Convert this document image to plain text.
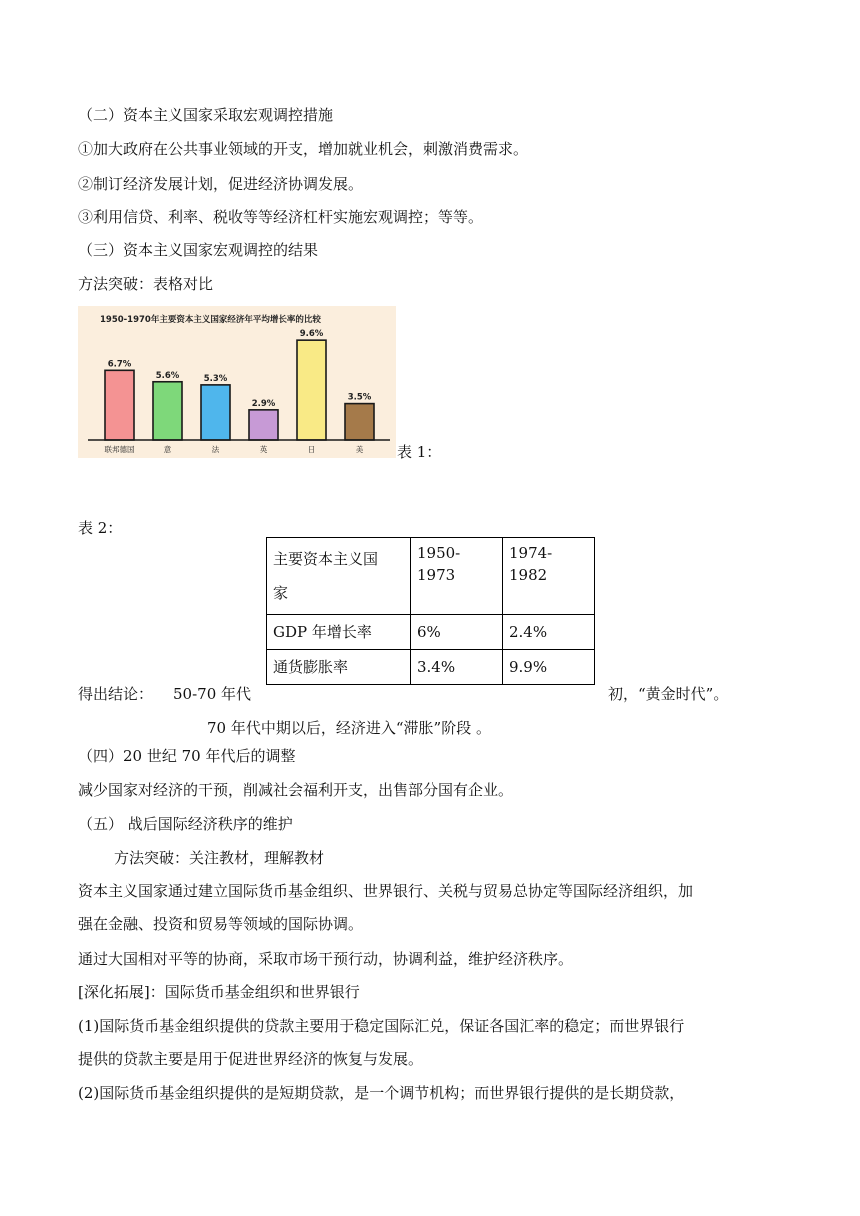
（二）资本主义国家采取宏观调控措施
①加大政府在公共事业领域的开支，增加就业机会，刺激消费需求。
②制订经济发展计划，促进经济协调发展。
③利用信贷、利率、税收等等经济杠杆实施宏观调控；等等。
（三）资本主义国家宏观调控的结果
方法突破：表格对比
1950-1970年主要资本主义国家经济年平均增长率的比较
6.7%
联邦德国
5.6%
意
5.3%
法
2.9%
英
9.6%
日
3.5%
美 表 1：
表 2：
主要资本主义国
家	1950-1973	1974-1982
GDP 年增长率	6%	2.4%
通货膨胀率	3.4%	9.9%
得出结论： 50-70 年代	初，“黄金时代”。
70 年代中期以后，经济进入“滞胀”阶段 。
（四）20 世纪 70 年代后的调整
减少国家对经济的干预，削减社会福利开支，出售部分国有企业。
（五） 战后国际经济秩序的维护
方法突破：关注教材，理解教材
资本主义国家通过建立国际货币基金组织、世界银行、关税与贸易总协定等国际经济组织，加
强在金融、投资和贸易等领域的国际协调。
通过大国相对平等的协商，采取市场干预行动，协调利益，维护经济秩序。
[深化拓展]：国际货币基金组织和世界银行
(1)国际货币基金组织提供的贷款主要用于稳定国际汇兑，保证各国汇率的稳定；而世界银行
提供的贷款主要是用于促进世界经济的恢复与发展。
(2)国际货币基金组织提供的是短期贷款，是一个调节机构；而世界银行提供的是长期贷款，
